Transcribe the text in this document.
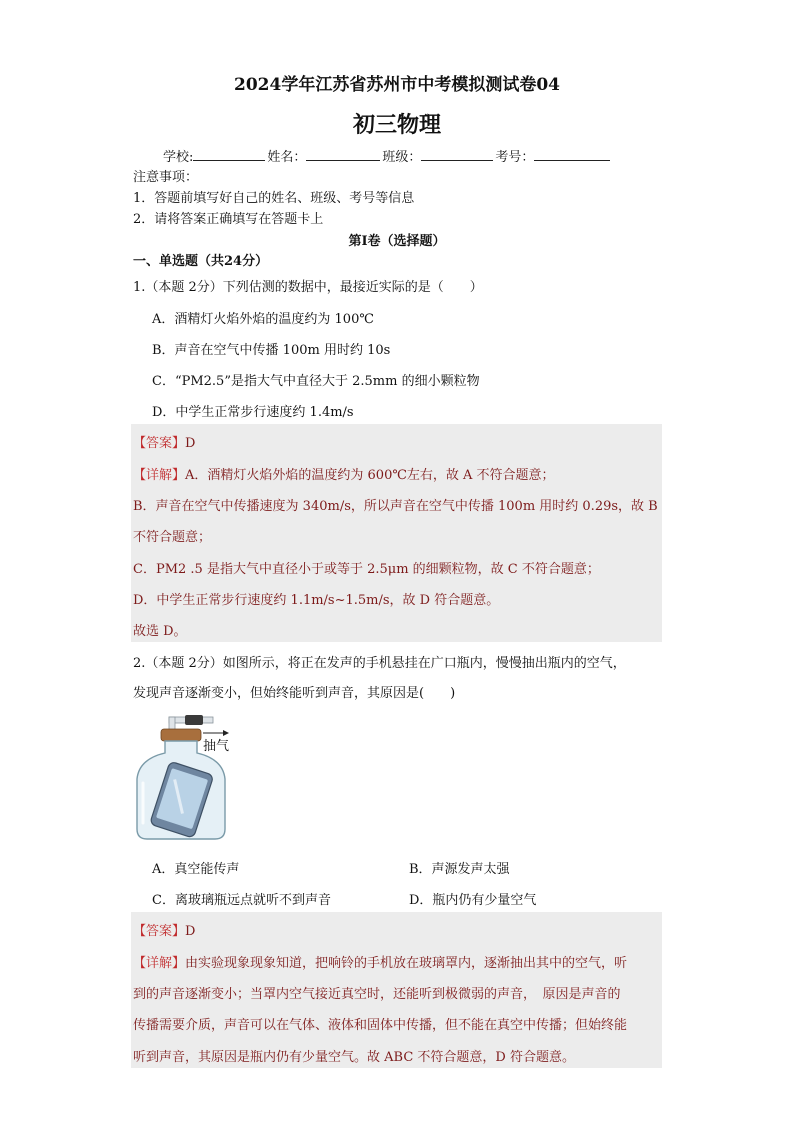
2024学年江苏省苏州市中考模拟测试卷04
初三物理
学校:	姓名：	班级：	考号：
注意事项：
1．答题前填写好自己的姓名、班级、考号等信息
2．请将答案正确填写在答题卡上
第I卷（选择题）
一、单选题（共24分）
1.（本题 2分）下列估测的数据中，最接近实际的是（　　）
A．酒精灯火焰外焰的温度约为 100℃
B．声音在空气中传播 100m 用时约 10s
C．“PM2.5”是指大气中直径大于 2.5mm 的细小颗粒物
D．中学生正常步行速度约 1.4m/s
【答案】D
【详解】A．酒精灯火焰外焰的温度约为 600℃左右，故 A 不符合题意；
B．声音在空气中传播速度为 340m/s，所以声音在空气中传播 100m 用时约 0.29s，故 B
不符合题意；
C．PM2 .5 是指大气中直径小于或等于 2.5μm 的细颗粒物，故 C 不符合题意；
D．中学生正常步行速度约 1.1m/s~1.5m/s，故 D 符合题意。
故选 D。
2.（本题 2分）如图所示，将正在发声的手机悬挂在广口瓶内，慢慢抽出瓶内的空气，
发现声音逐渐变小，但始终能听到声音，其原因是(　　)
抽气
A．真空能传声	B．声源发声太强
C．离玻璃瓶远点就听不到声音	D．瓶内仍有少量空气
【答案】D
【详解】由实验现象现象知道，把响铃的手机放在玻璃罩内，逐渐抽出其中的空气，听
到的声音逐渐变小；当罩内空气接近真空时，还能听到极微弱的声音，　原因是声音的
传播需要介质，声音可以在气体、液体和固体中传播，但不能在真空中传播；但始终能
听到声音，其原因是瓶内仍有少量空气。故 ABC 不符合题意，D 符合题意。
